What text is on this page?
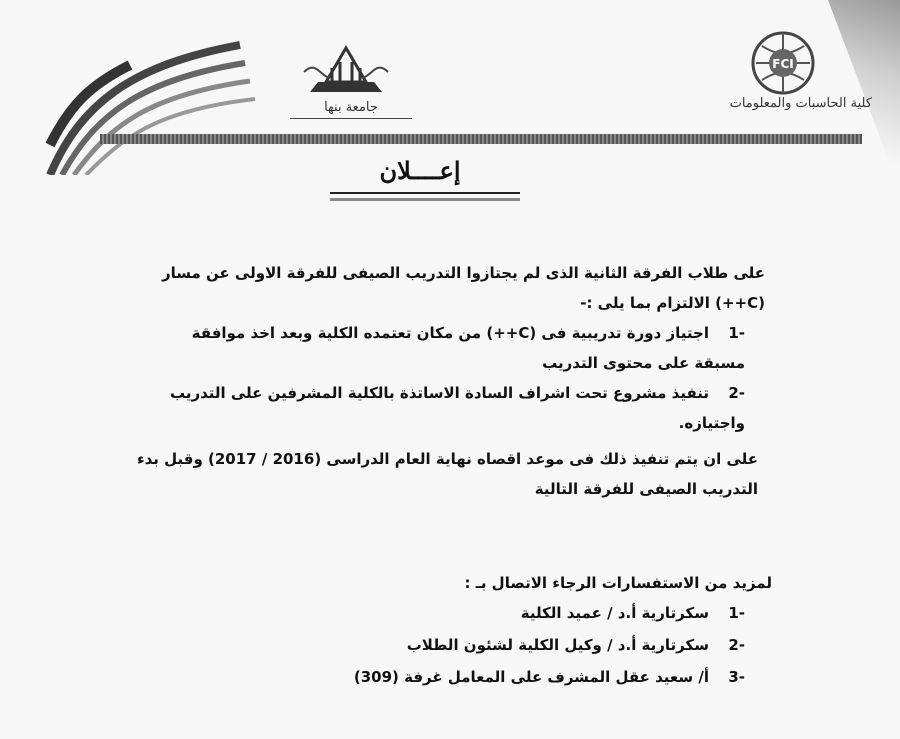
FCI
كلية الحاسبات والمعلومات
جامعة بنها
إعــــلان
على طلاب الفرقة الثانية الذى لم يجتازوا التدريب الصيفى للفرقة الاولى عن مسار (C++) الالتزام بما يلى :-
-1اجتياز دورة تدريبية فى (C++) من مكان تعتمده الكلية وبعد اخذ موافقة مسبقة على محتوى التدريب
-2تنفيذ مشروع تحت اشراف السادة الاساتذة بالكلية المشرفين على التدريب واجتيازه.
على ان يتم تنفيذ ذلك فى موعد اقصاه نهاية العام الدراسى (2016 / 2017) وقبل بدء التدريب الصيفى للفرقة التالية
لمزيد من الاستفسارات الرجاء الاتصال بـ :
-1سكرتارية أ.د / عميد الكلية
-2سكرتارية أ.د / وكيل الكلية لشئون الطلاب
-3أ/ سعيد عقل المشرف على المعامل غرفة (309)
